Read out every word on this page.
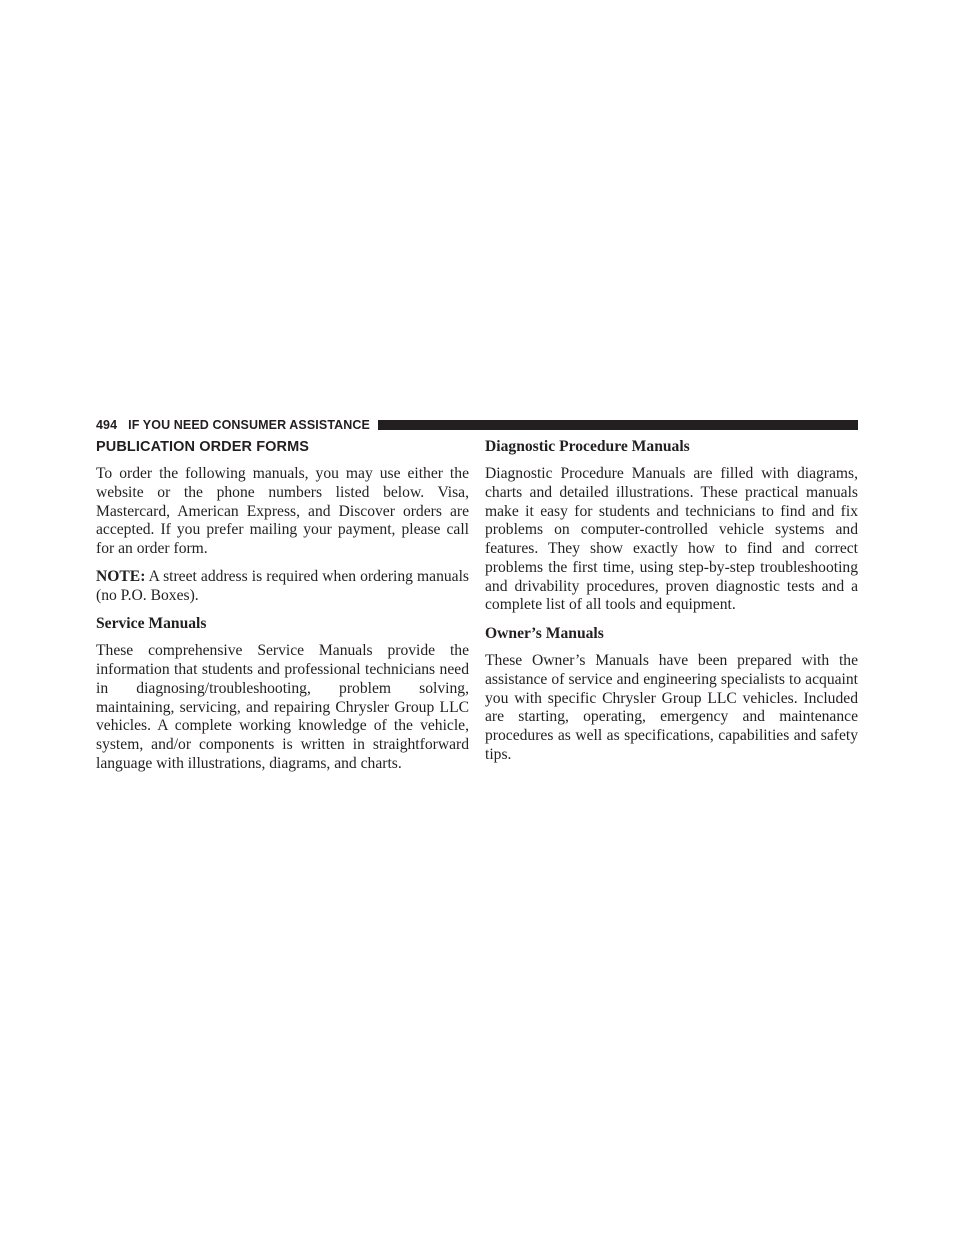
494 IF YOU NEED CONSUMER ASSISTANCE
PUBLICATION ORDER FORMS

To order the following manuals, you may use either the website or the phone numbers listed below. Visa, Mastercard, American Express, and Discover orders are accepted. If you prefer mailing your payment, please call for an order form.

NOTE: A street address is required when ordering manuals (no P.O. Boxes).

Service Manuals

These comprehensive Service Manuals provide the information that students and professional technicians need in diagnosing/troubleshooting, problem solving, maintaining, servicing, and repairing Chrysler Group LLC vehicles. A complete working knowledge of the vehicle, system, and/or components is written in straightforward language with illustrations, diagrams, and charts.

Diagnostic Procedure Manuals

Diagnostic Procedure Manuals are filled with diagrams, charts and detailed illustrations. These practical manuals make it easy for students and technicians to find and fix problems on computer-controlled vehicle systems and features. They show exactly how to find and correct problems the first time, using step-by-step troubleshooting and drivability procedures, proven diagnostic tests and a complete list of all tools and equipment.

Owner’s Manuals

These Owner’s Manuals have been prepared with the assistance of service and engineering specialists to acquaint you with specific Chrysler Group LLC vehicles. Included are starting, operating, emergency and maintenance procedures as well as specifications, capabilities and safety tips.
